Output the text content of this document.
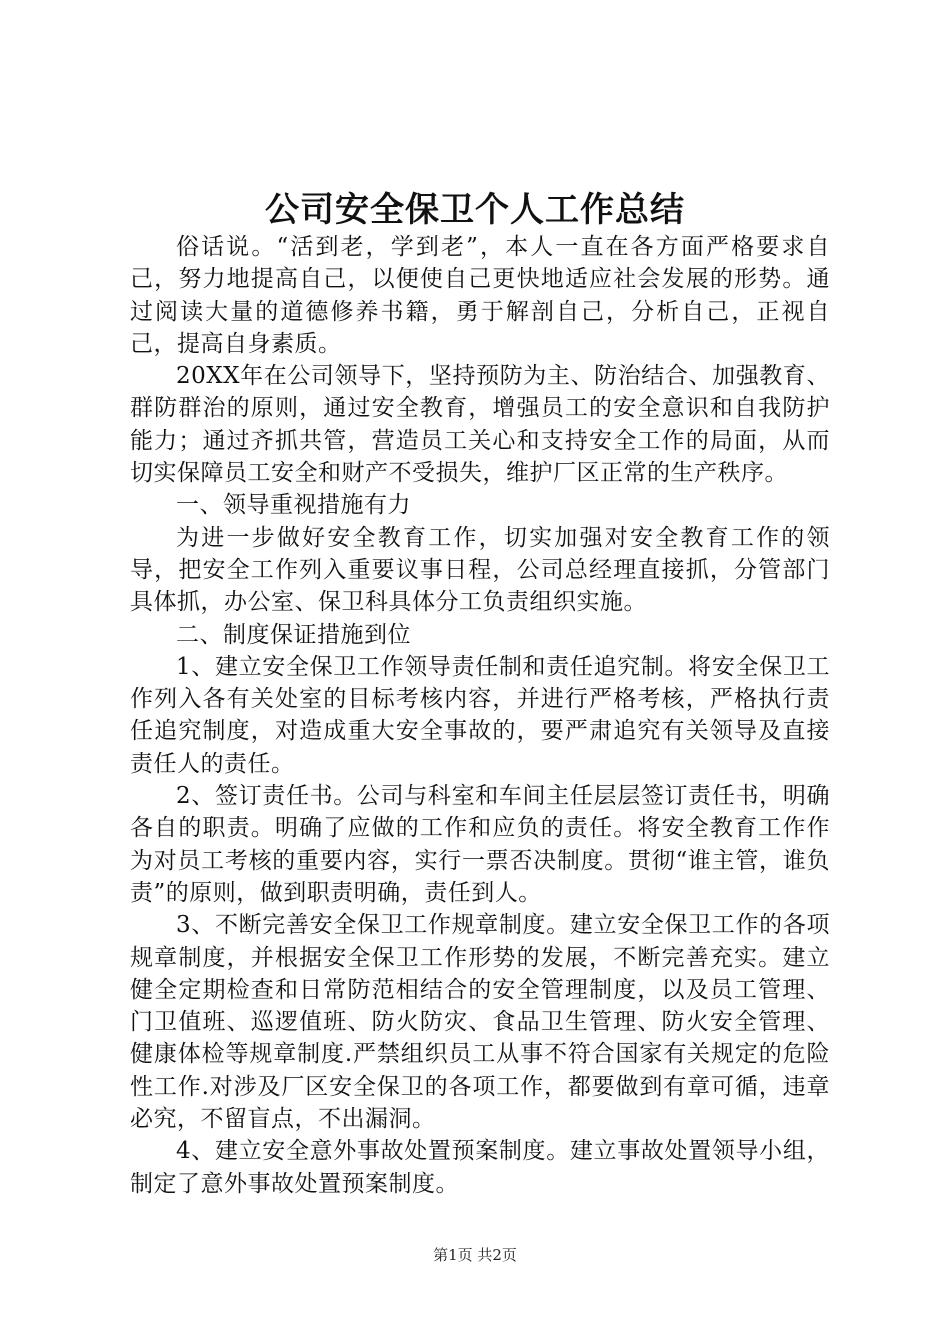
公司安全保卫个人工作总结

俗话说。“活到老，学到老”，本人一直在各方面严格要求自己，努力地提高自己，以便使自己更快地适应社会发展的形势。通过阅读大量的道德修养书籍，勇于解剖自己，分析自己，正视自己，提高自身素质。

20XX年在公司领导下，坚持预防为主、防治结合、加强教育、群防群治的原则，通过安全教育，增强员工的安全意识和自我防护能力；通过齐抓共管，营造员工关心和支持安全工作的局面，从而切实保障员工安全和财产不受损失，维护厂区正常的生产秩序。

一、领导重视措施有力

为进一步做好安全教育工作，切实加强对安全教育工作的领导，把安全工作列入重要议事日程，公司总经理直接抓，分管部门具体抓，办公室、保卫科具体分工负责组织实施。

二、制度保证措施到位

1、建立安全保卫工作领导责任制和责任追究制。将安全保卫工作列入各有关处室的目标考核内容，并进行严格考核，严格执行责任追究制度，对造成重大安全事故的，要严肃追究有关领导及直接责任人的责任。

2、签订责任书。公司与科室和车间主任层层签订责任书，明确各自的职责。明确了应做的工作和应负的责任。将安全教育工作作为对员工考核的重要内容，实行一票否决制度。贯彻“谁主管，谁负责”的原则，做到职责明确，责任到人。

3、不断完善安全保卫工作规章制度。建立安全保卫工作的各项规章制度，并根据安全保卫工作形势的发展，不断完善充实。建立健全定期检查和日常防范相结合的安全管理制度，以及员工管理、门卫值班、巡逻值班、防火防灾、食品卫生管理、防火安全管理、健康体检等规章制度.严禁组织员工从事不符合国家有关规定的危险性工作.对涉及厂区安全保卫的各项工作，都要做到有章可循，违章必究，不留盲点，不出漏洞。

4、建立安全意外事故处置预案制度。建立事故处置领导小组，制定了意外事故处置预案制度。

第1页 共2页
